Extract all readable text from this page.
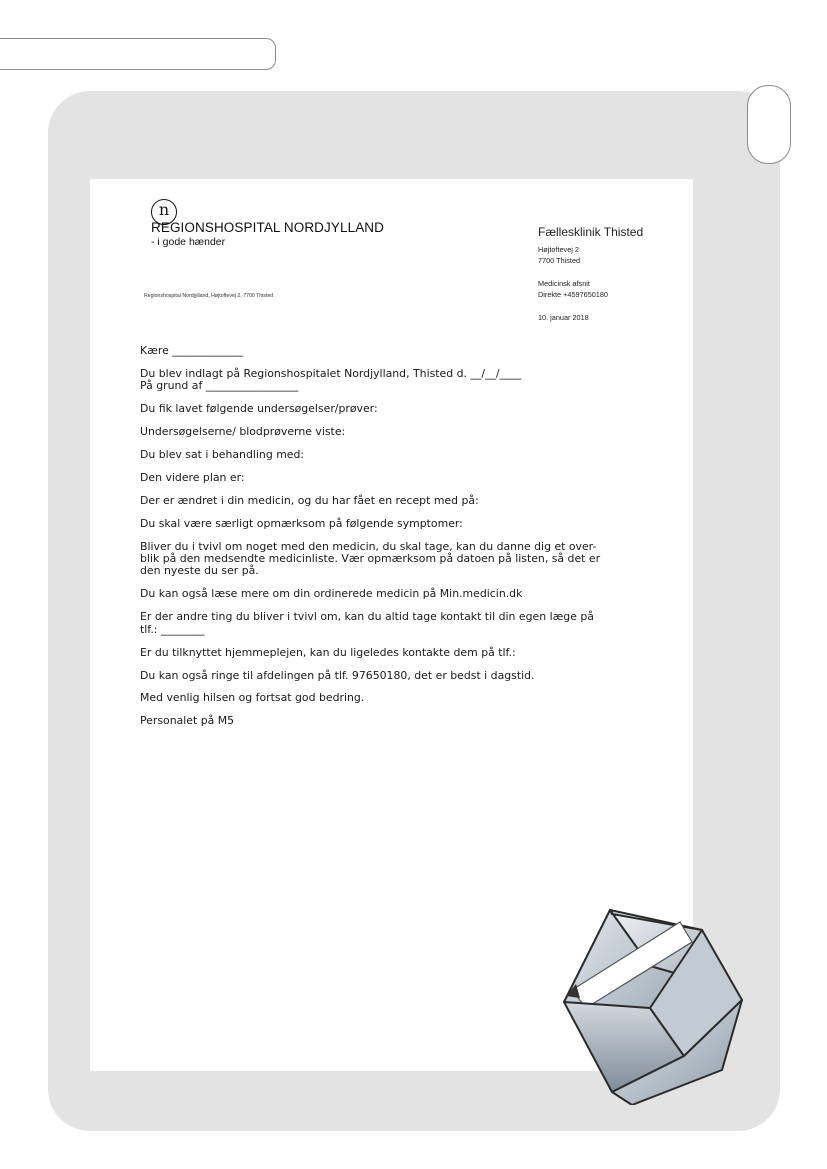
n
REGIONSHOSPITAL NORDJYLLAND
- i gode hænder
Regionshospital Nordjylland, Højtoftevej 2, 7700 Thisted
Fællesklinik Thisted
Højtoftevej 2
7700 Thisted
Medicinsk afsnit
Direkte +4597650180
10. januar 2018

Kære _____________

Du blev indlagt på Regionshospitalet Nordjylland, Thisted d. __/__/____
På grund af _________________

Du fik lavet følgende undersøgelser/prøver:

Undersøgelserne/ blodprøverne viste:

Du blev sat i behandling med:

Den videre plan er:

Der er ændret i din medicin, og du har fået en recept med på:

Du skal være særligt opmærksom på følgende symptomer:

Bliver du i tvivl om noget med den medicin, du skal tage, kan du danne dig et over-
blik på den medsendte medicinliste. Vær opmærksom på datoen på listen, så det er
den nyeste du ser på.

Du kan også læse mere om din ordinerede medicin på Min.medicin.dk

Er der andre ting du bliver i tvivl om, kan du altid tage kontakt til din egen læge på
tlf.: ________

Er du tilknyttet hjemmeplejen, kan du ligeledes kontakte dem på tlf.:

Du kan også ringe til afdelingen på tlf. 97650180, det er bedst i dagstid.

Med venlig hilsen og fortsat god bedring.

Personalet på M5
